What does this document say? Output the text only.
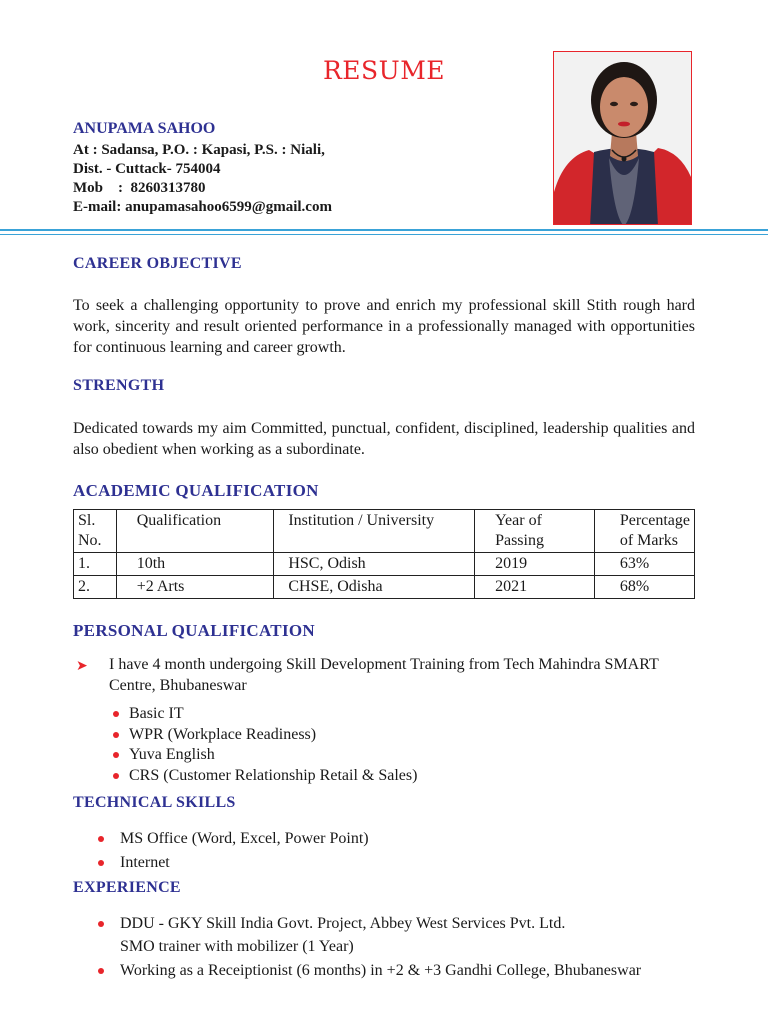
RESUME
ANUPAMA SAHOO
At : Sadansa, P.O. : Kapasi, P.S. : Niali,
Dist. - Cuttack- 754004
Mob    :  8260313780
E-mail: anupamasahoo6599@gmail.com
CAREER OBJECTIVE
To seek a challenging opportunity to prove and enrich my professional skill Stith rough hard work, sincerity and result oriented performance in a professionally managed with opportunities for continuous learning and career growth.
STRENGTH
Dedicated towards my aim Committed, punctual, confident, disciplined, leadership qualities and also obedient when working as a subordinate.
ACADEMIC QUALIFICATION
Sl. No.	Qualification	Institution / University	Year of Passing	Percentage of Marks
1.	10th	HSC, Odish	2019	63%
2.	+2 Arts	CHSE, Odisha	2021	68%
PERSONAL QUALIFICATION
➤ I have 4 month undergoing Skill Development Training from Tech Mahindra SMART Centre, Bhubaneswar
Basic IT
WPR (Workplace Readiness)
Yuva English
CRS (Customer Relationship Retail & Sales)
TECHNICAL SKILLS
MS Office (Word, Excel, Power Point)
Internet
EXPERIENCE
DDU - GKY Skill India Govt. Project, Abbey West Services Pvt. Ltd.
SMO trainer with mobilizer (1 Year)
Working as a Receiptionist (6 months) in +2 & +3 Gandhi College, Bhubaneswar
